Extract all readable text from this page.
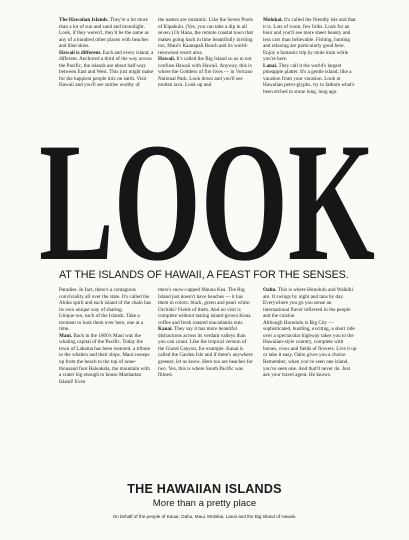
The Hawaiian Islands. They're a lot more than a lot of sun and sand and moonlight. Look, if they weren't, they'd be the same as any of a hundred other places with beaches and blue skies.

Hawaii is different. Each and every island, a different. Anchored a third of the way across the Pacific, the islands are about half-way between East and West. This just might make for the happiest people mix on earth. Visit Hawaii and you'll see smiles worthy of

the names are romantic. Like the Seven Pools of Kipahulu. (Yes, you can take a dip in all seven.) Or Hana, the remote coastal town that makes going back in time beautifully inviting too, Maui's Kaanapali Beach and its world-renowned resort area.

Hawaii. It's called the Big Island so as to not confuse Hawaii with Hawaii. Anyway, this is where the Goddess of fire lives — in Volcano National Park. Look down and you'll see molten lava. Look up and

Molokai. It's called the friendly isle and that it is. Lots of room, few folks. Look for an hour and you'll see more sheer beauty and less cars than believable. Fishing, hunting and relaxing are particularly good here. Enjoy a fantastic trip by mule train while you're here.

Lanai. They call it the world's largest pineapple platter. It's a gentle island, like a vacation from your vacation. Look at Hawaiian petro-glyphs, try to fathom what's been etched in stone long, long ago.

LOOK
AT THE ISLANDS OF HAWAII, A FEAST FOR THE SENSES.

Paradise. In fact, there's a contagious conviviality all over the state. It's called the Aloha spirit and each island of the chain has its own unique way of sharing.

Unique too, each of the Islands. Take a moment to look them over here, one at a time.

Maui. Back in the 1800's Maui was the whaling capital of the Pacific. Today the town of Lahaina has been restored, a tribute to the whalers and their ships. Maui sweeps up from the beach to the top of none-thousand foot Haleakala, the mountain with a crater big enough to house Manhattan Island! Even

there's snow-capped Mauna Kea. The Big Island just doesn't have beaches — it has them in colors: black, green and pearl white. Orchids? Fields of them. And no visit is complete without tasting island-grown Kona coffee and fresh roasted macadamia nuts.

Kauai. They say it has more beautiful distractions across its verdant valleys than you can count. Like the tropical version of the Grand Canyon, for example. Kauai is called the Garden Isle and if there's anywhere greener, let us know. Here too are beaches for two. Yes, this is where South Pacific was filmed.

Oahu. This is where Honolulu and Waikiki are. It swings by night and tans by day. Everywhere you go you sense an international flavor reflected in the people and the cuisine.

Although Honolulu is Big City — sophisticated, bustling, exciting, a short ride over a spectacular highway takes you to the Hawaiian-style country, complete with horses, cows and fields of flowers. Live it up or take it easy, Oahu gives you a choice.

Remember, when you've seen one island, you've seen one. And that'll never do. Just ask your travel agent. He knows.

THE HAWAIIAN ISLANDS
More than a pretty place
On behalf of the people of Kauai, Oahu, Maui, Molokai, Lanai and the Big Island of Hawaii.
